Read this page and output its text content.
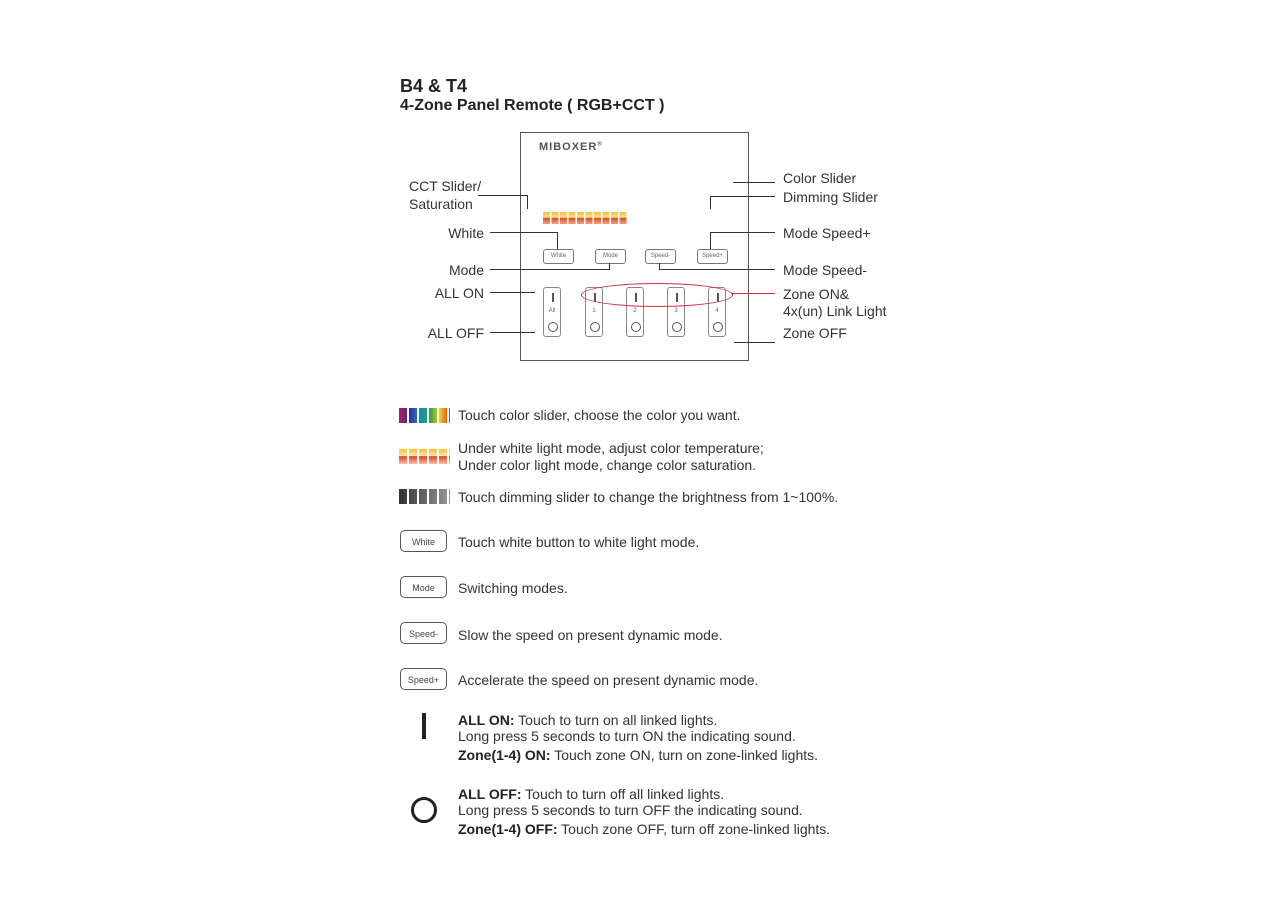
B4 & T4
4-Zone Panel Remote ( RGB+CCT )
MIBOXER®
White	Mode	Speed-	Speed+
All	1	2	3	4
CCT Slider/
Saturation
White
Mode
ALL ON
ALL OFF
Color Slider
Dimming Slider
Mode Speed+
Mode Speed-
Zone ON&
4x(un) Link Light
Zone OFF
Touch color slider, choose the color you want.
Under white light mode, adjust color temperature;
Under color light mode, change color saturation.
Touch dimming slider to change the brightness from 1~100%.
White	Touch white button to white light mode.
Mode	Switching modes.
Speed-	Slow the speed on present dynamic mode.
Speed+	Accelerate the speed on present dynamic mode.
ALL ON: Touch to turn on all linked lights.
Long press 5 seconds to turn ON the indicating sound.
Zone(1-4) ON: Touch zone ON, turn on zone-linked lights.
ALL OFF: Touch to turn off all linked lights.
Long press 5 seconds to turn OFF the indicating sound.
Zone(1-4) OFF: Touch zone OFF, turn off zone-linked lights.
